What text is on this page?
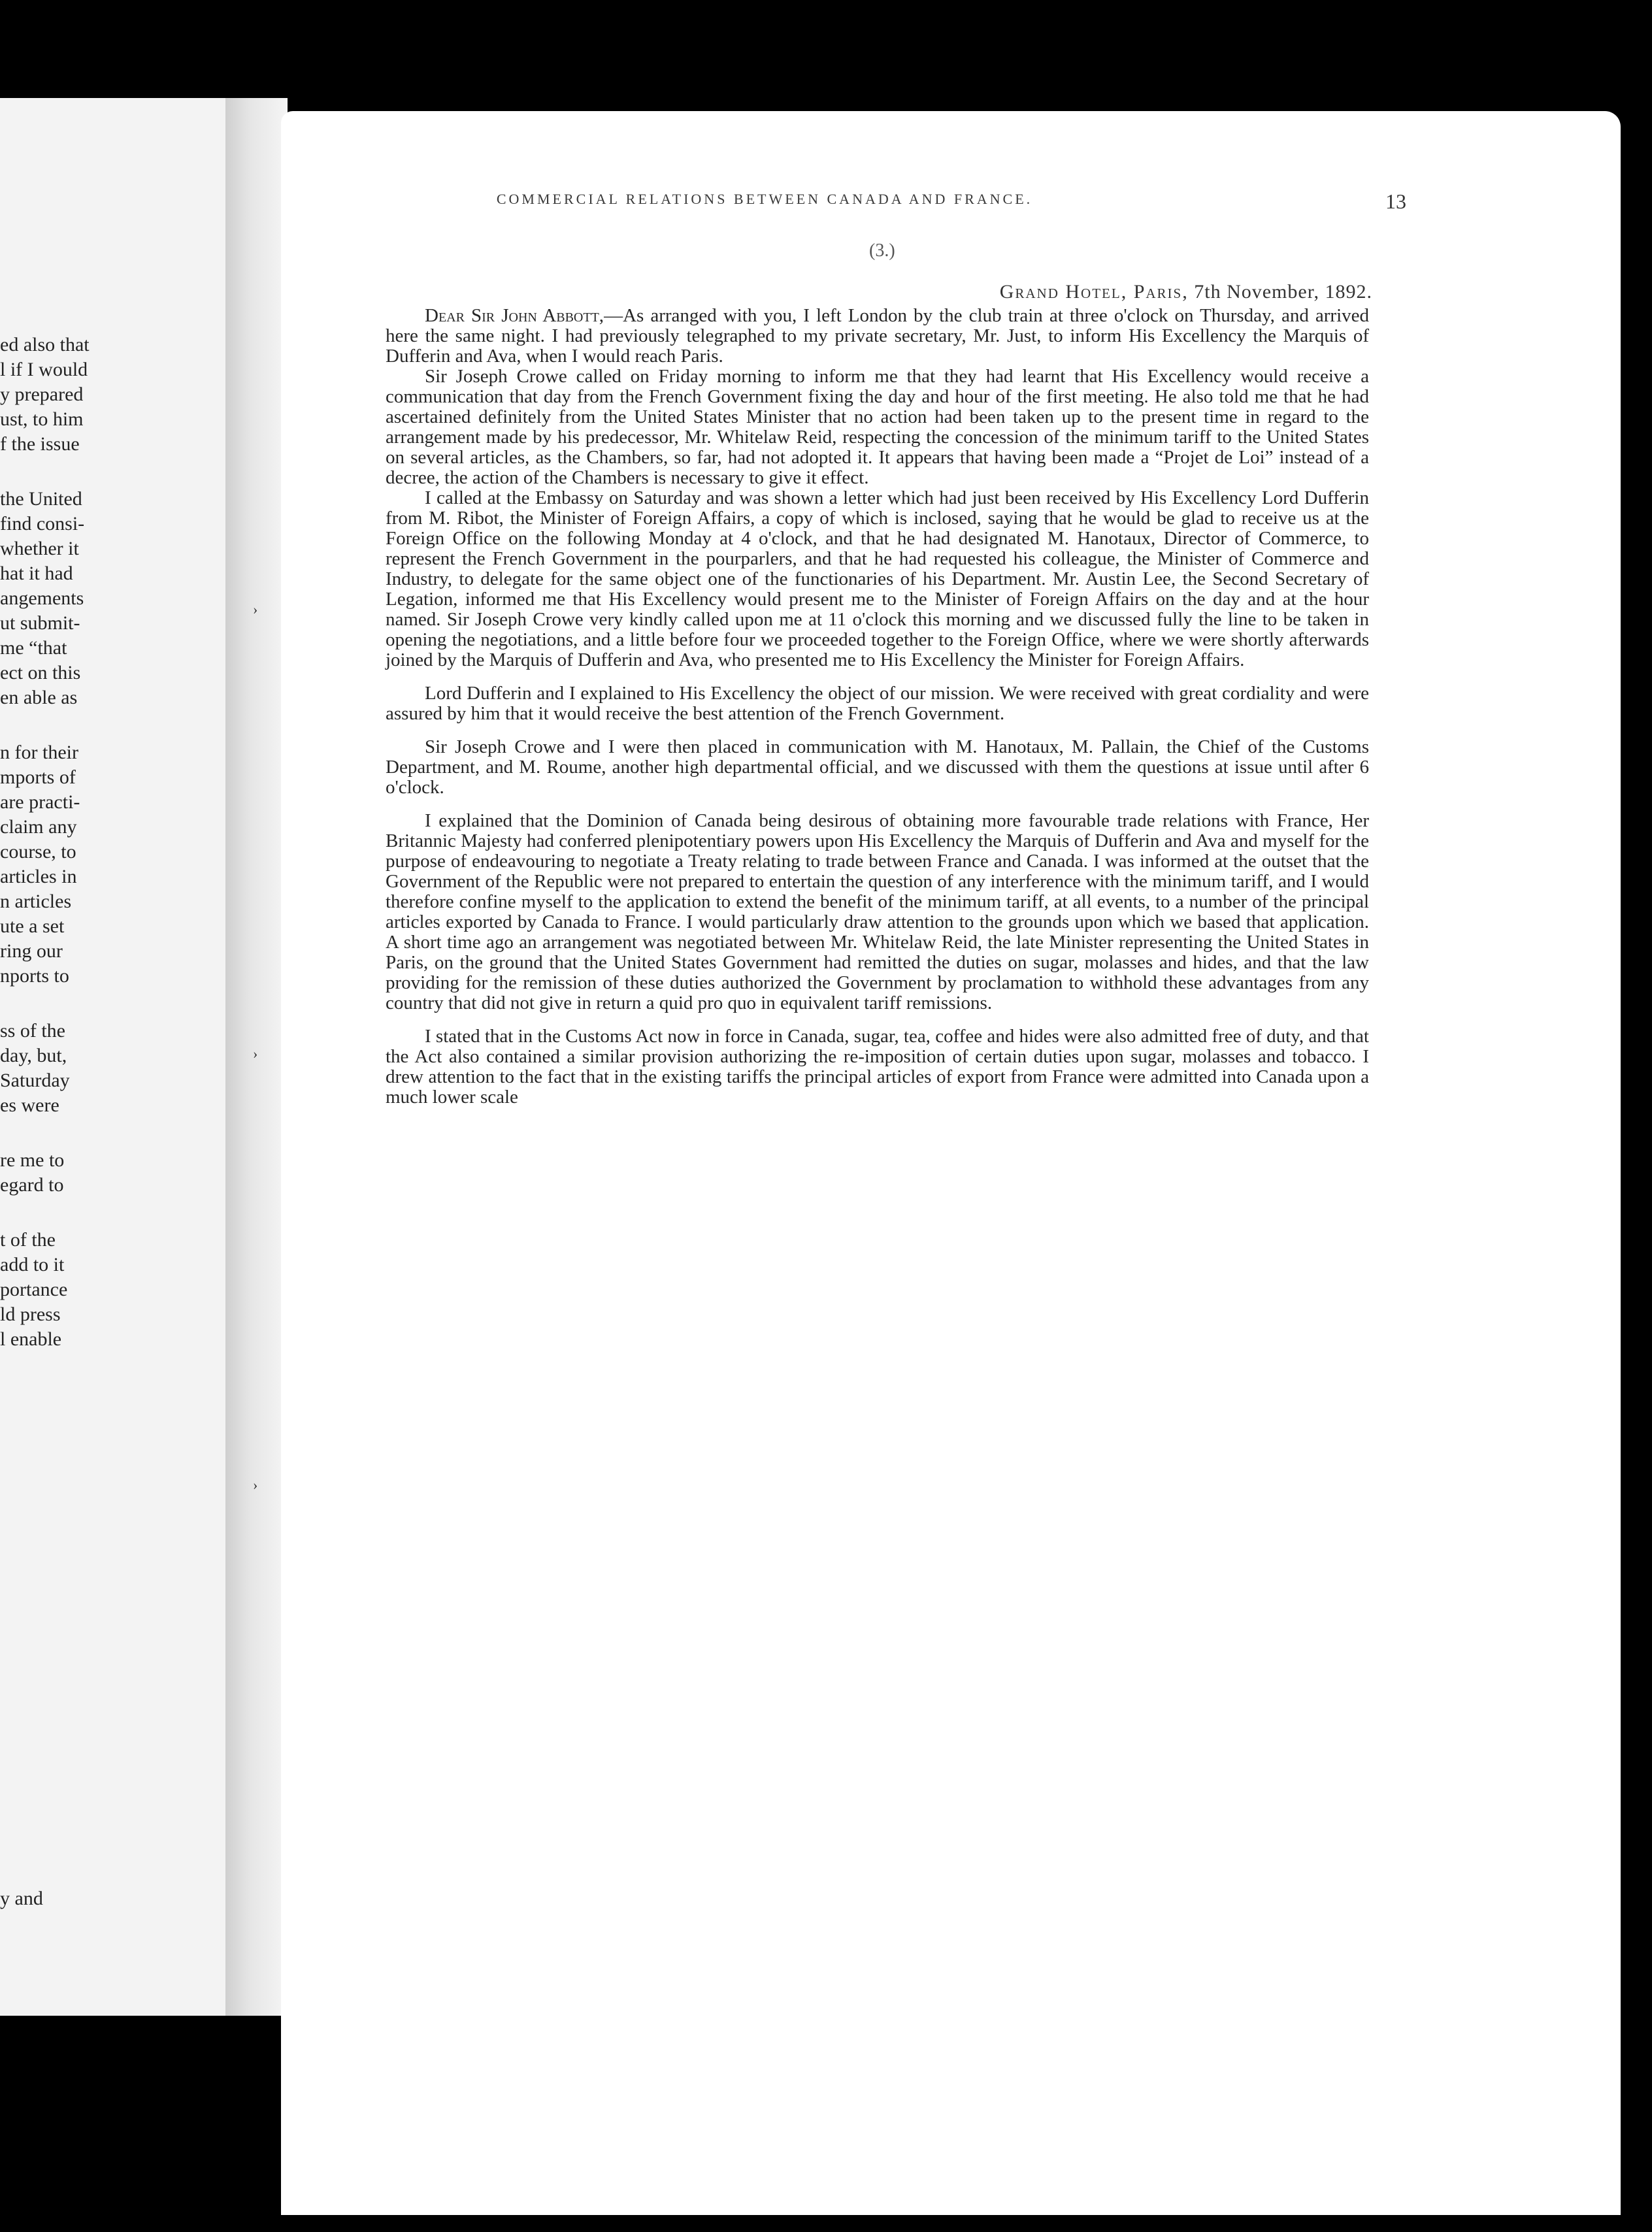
ed also that
l if I would
y prepared
ust, to him
f the issue
the United
find consi-
whether it
hat it had
angements
ut submit-
me “that
ect on this
en able as
n for their
mports of
are practi-
claim any
course, to
articles in
n articles
ute a set
ring our
nports to
ss of the
day, but,
Saturday
es were
re me to
egard to
t of the
add to it
portance
ld press
l enable
y and
›
›
›
COMMERCIAL RELATIONS BETWEEN CANADA AND FRANCE.	13
(3.)
Grand Hotel, Paris, 7th November, 1892.

Dear Sir John Abbott,—As arranged with you, I left London by the club train at three o'clock on Thursday, and arrived here the same night. I had previously telegraphed to my private secretary, Mr. Just, to inform His Excellency the Marquis of Dufferin and Ava, when I would reach Paris.

Sir Joseph Crowe called on Friday morning to inform me that they had learnt that His Excellency would receive a communication that day from the French Government fixing the day and hour of the first meeting. He also told me that he had ascertained definitely from the United States Minister that no action had been taken up to the present time in regard to the arrangement made by his predecessor, Mr. Whitelaw Reid, respecting the concession of the minimum tariff to the United States on several articles, as the Chambers, so far, had not adopted it. It appears that having been made a “Projet de Loi” instead of a decree, the action of the Chambers is necessary to give it effect.

I called at the Embassy on Saturday and was shown a letter which had just been received by His Excellency Lord Dufferin from M. Ribot, the Minister of Foreign Affairs, a copy of which is inclosed, saying that he would be glad to receive us at the Foreign Office on the following Monday at 4 o'clock, and that he had designated M. Hanotaux, Director of Commerce, to represent the French Government in the pourparlers, and that he had requested his colleague, the Minister of Commerce and Industry, to delegate for the same object one of the functionaries of his Department. Mr. Austin Lee, the Second Secretary of Legation, informed me that His Excellency would present me to the Minister of Foreign Affairs on the day and at the hour named. Sir Joseph Crowe very kindly called upon me at 11 o'clock this morning and we discussed fully the line to be taken in opening the negotiations, and a little before four we proceeded together to the Foreign Office, where we were shortly afterwards joined by the Marquis of Dufferin and Ava, who presented me to His Excellency the Minister for Foreign Affairs.

Lord Dufferin and I explained to His Excellency the object of our mission. We were received with great cordiality and were assured by him that it would receive the best attention of the French Government.

Sir Joseph Crowe and I were then placed in communication with M. Hanotaux, M. Pallain, the Chief of the Customs Department, and M. Roume, another high departmental official, and we discussed with them the questions at issue until after 6 o'clock.

I explained that the Dominion of Canada being desirous of obtaining more favourable trade relations with France, Her Britannic Majesty had conferred plenipotentiary powers upon His Excellency the Marquis of Dufferin and Ava and myself for the purpose of endeavouring to negotiate a Treaty relating to trade between France and Canada. I was informed at the outset that the Government of the Republic were not prepared to entertain the question of any interference with the minimum tariff, and I would therefore confine myself to the application to extend the benefit of the minimum tariff, at all events, to a number of the principal articles exported by Canada to France. I would particularly draw attention to the grounds upon which we based that application. A short time ago an arrangement was negotiated between Mr. Whitelaw Reid, the late Minister representing the United States in Paris, on the ground that the United States Government had remitted the duties on sugar, molasses and hides, and that the law providing for the remission of these duties authorized the Government by proclamation to withhold these advantages from any country that did not give in return a quid pro quo in equivalent tariff remissions.

I stated that in the Customs Act now in force in Canada, sugar, tea, coffee and hides were also admitted free of duty, and that the Act also contained a similar provision authorizing the re-imposition of certain duties upon sugar, molasses and tobacco. I drew attention to the fact that in the existing tariffs the principal articles of export from France were admitted into Canada upon a much lower scale
